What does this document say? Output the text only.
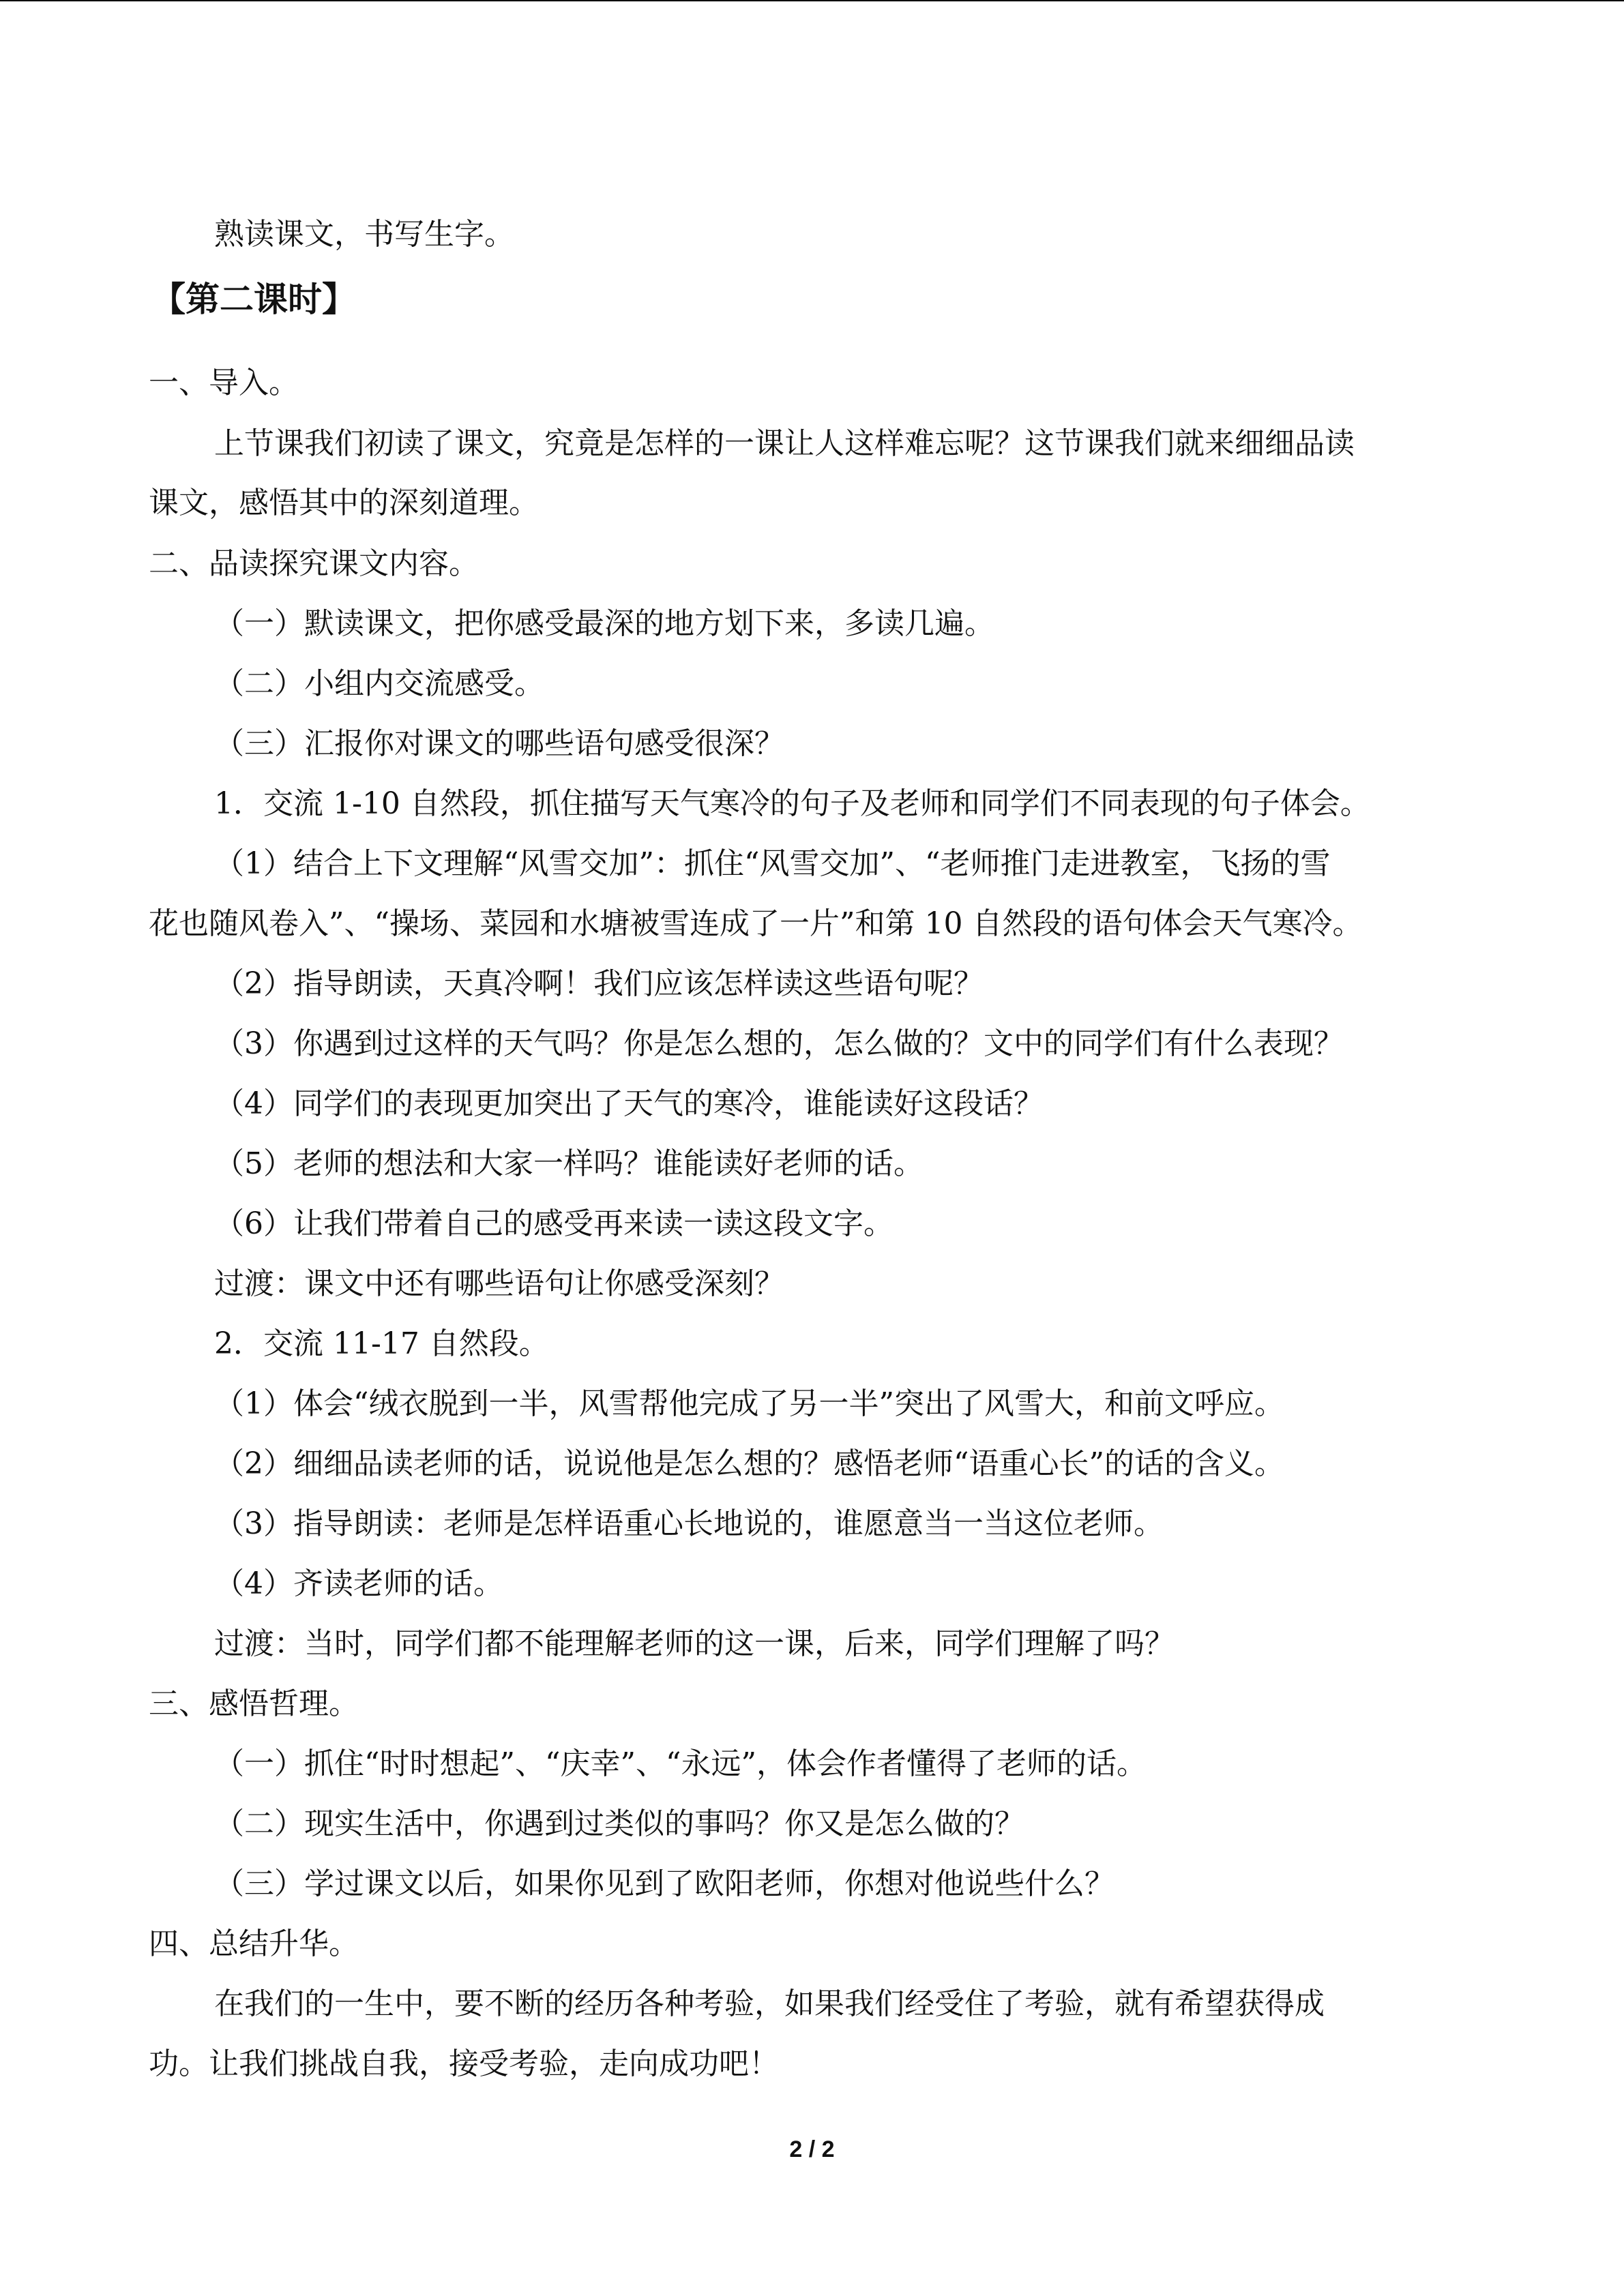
熟读课文，书写生字。
【第二课时】
一、导入。
上节课我们初读了课文，究竟是怎样的一课让人这样难忘呢？这节课我们就来细细品读
课文，感悟其中的深刻道理。
二、品读探究课文内容。
（一）默读课文，把你感受最深的地方划下来，多读几遍。
（二）小组内交流感受。
（三）汇报你对课文的哪些语句感受很深？
1．交流 1-10 自然段，抓住描写天气寒冷的句子及老师和同学们不同表现的句子体会。
（1）结合上下文理解“风雪交加”：抓住“风雪交加”、“老师推门走进教室，飞扬的雪
花也随风卷入”、“操场、菜园和水塘被雪连成了一片”和第 10 自然段的语句体会天气寒冷。
（2）指导朗读，天真冷啊！我们应该怎样读这些语句呢？
（3）你遇到过这样的天气吗？你是怎么想的，怎么做的？文中的同学们有什么表现？
（4）同学们的表现更加突出了天气的寒冷，谁能读好这段话？
（5）老师的想法和大家一样吗？谁能读好老师的话。
（6）让我们带着自己的感受再来读一读这段文字。
过渡：课文中还有哪些语句让你感受深刻？
2．交流 11-17 自然段。
（1）体会“绒衣脱到一半，风雪帮他完成了另一半”突出了风雪大，和前文呼应。
（2）细细品读老师的话，说说他是怎么想的？感悟老师“语重心长”的话的含义。
（3）指导朗读：老师是怎样语重心长地说的，谁愿意当一当这位老师。
（4）齐读老师的话。
过渡：当时，同学们都不能理解老师的这一课，后来，同学们理解了吗？
三、感悟哲理。
（一）抓住“时时想起”、“庆幸”、“永远”，体会作者懂得了老师的话。
（二）现实生活中，你遇到过类似的事吗？你又是怎么做的？
（三）学过课文以后，如果你见到了欧阳老师，你想对他说些什么？
四、总结升华。
在我们的一生中，要不断的经历各种考验，如果我们经受住了考验，就有希望获得成
功。让我们挑战自我，接受考验，走向成功吧！
2 / 2
